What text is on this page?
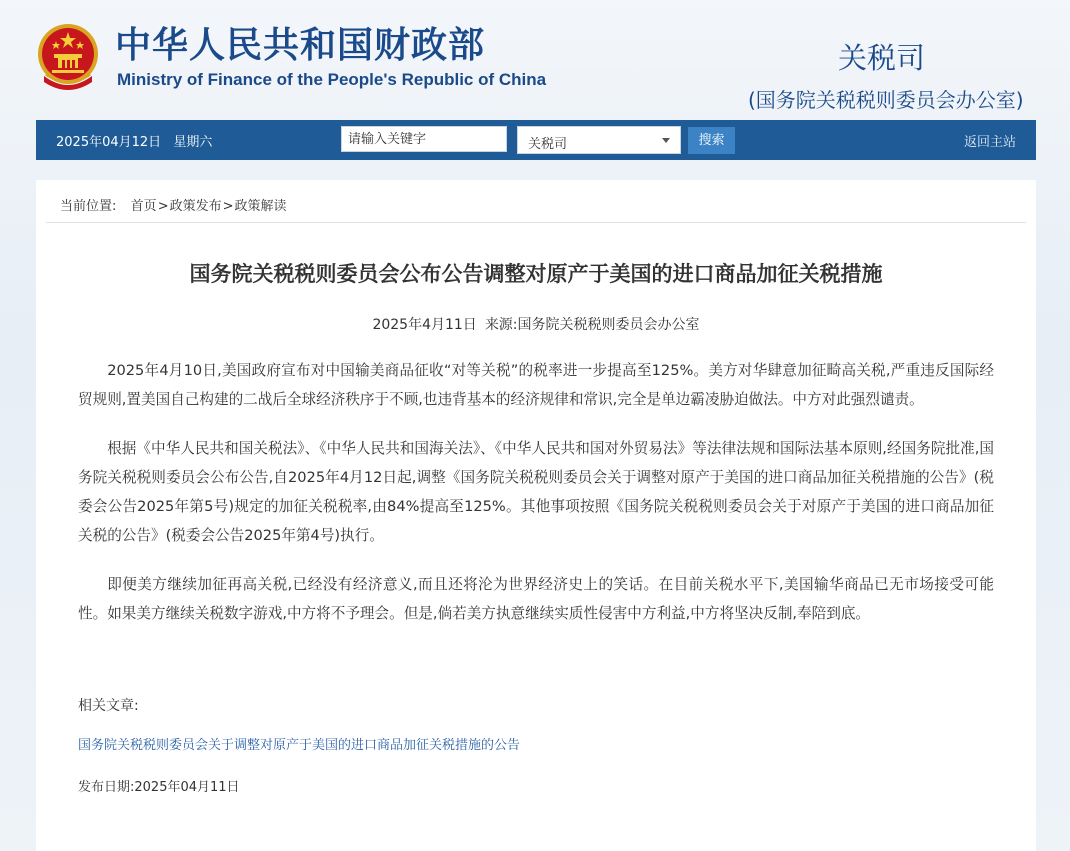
中华人民共和国财政部
Ministry of Finance of the People's Republic of China
关税司
(国务院关税税则委员会办公室)
2025年04月12日 星期六
请输入关键字	关税司	搜索	返回主站
当前位置: 首页>政策发布>政策解读
国务院关税税则委员会公布公告调整对原产于美国的进口商品加征关税措施
2025年4月11日 来源:国务院关税税则委员会办公室

2025年4月10日,美国政府宣布对中国输美商品征收“对等关税”的税率进一步提高至125%。美方对华肆意加征畸高关税,严重违反国际经贸规则,置美国自己构建的二战后全球经济秩序于不顾,也违背基本的经济规律和常识,完全是单边霸凌胁迫做法。中方对此强烈谴责。

根据《中华人民共和国关税法》、《中华人民共和国海关法》、《中华人民共和国对外贸易法》等法律法规和国际法基本原则,经国务院批准,国务院关税税则委员会公布公告,自2025年4月12日起,调整《国务院关税税则委员会关于调整对原产于美国的进口商品加征关税措施的公告》(税委会公告2025年第5号)规定的加征关税税率,由84%提高至125%。其他事项按照《国务院关税税则委员会关于对原产于美国的进口商品加征关税的公告》(税委会公告2025年第4号)执行。

即便美方继续加征再高关税,已经没有经济意义,而且还将沦为世界经济史上的笑话。在目前关税水平下,美国输华商品已无市场接受可能性。如果美方继续关税数字游戏,中方将不予理会。但是,倘若美方执意继续实质性侵害中方利益,中方将坚决反制,奉陪到底。

相关文章:
国务院关税税则委员会关于调整对原产于美国的进口商品加征关税措施的公告
发布日期:2025年04月11日
